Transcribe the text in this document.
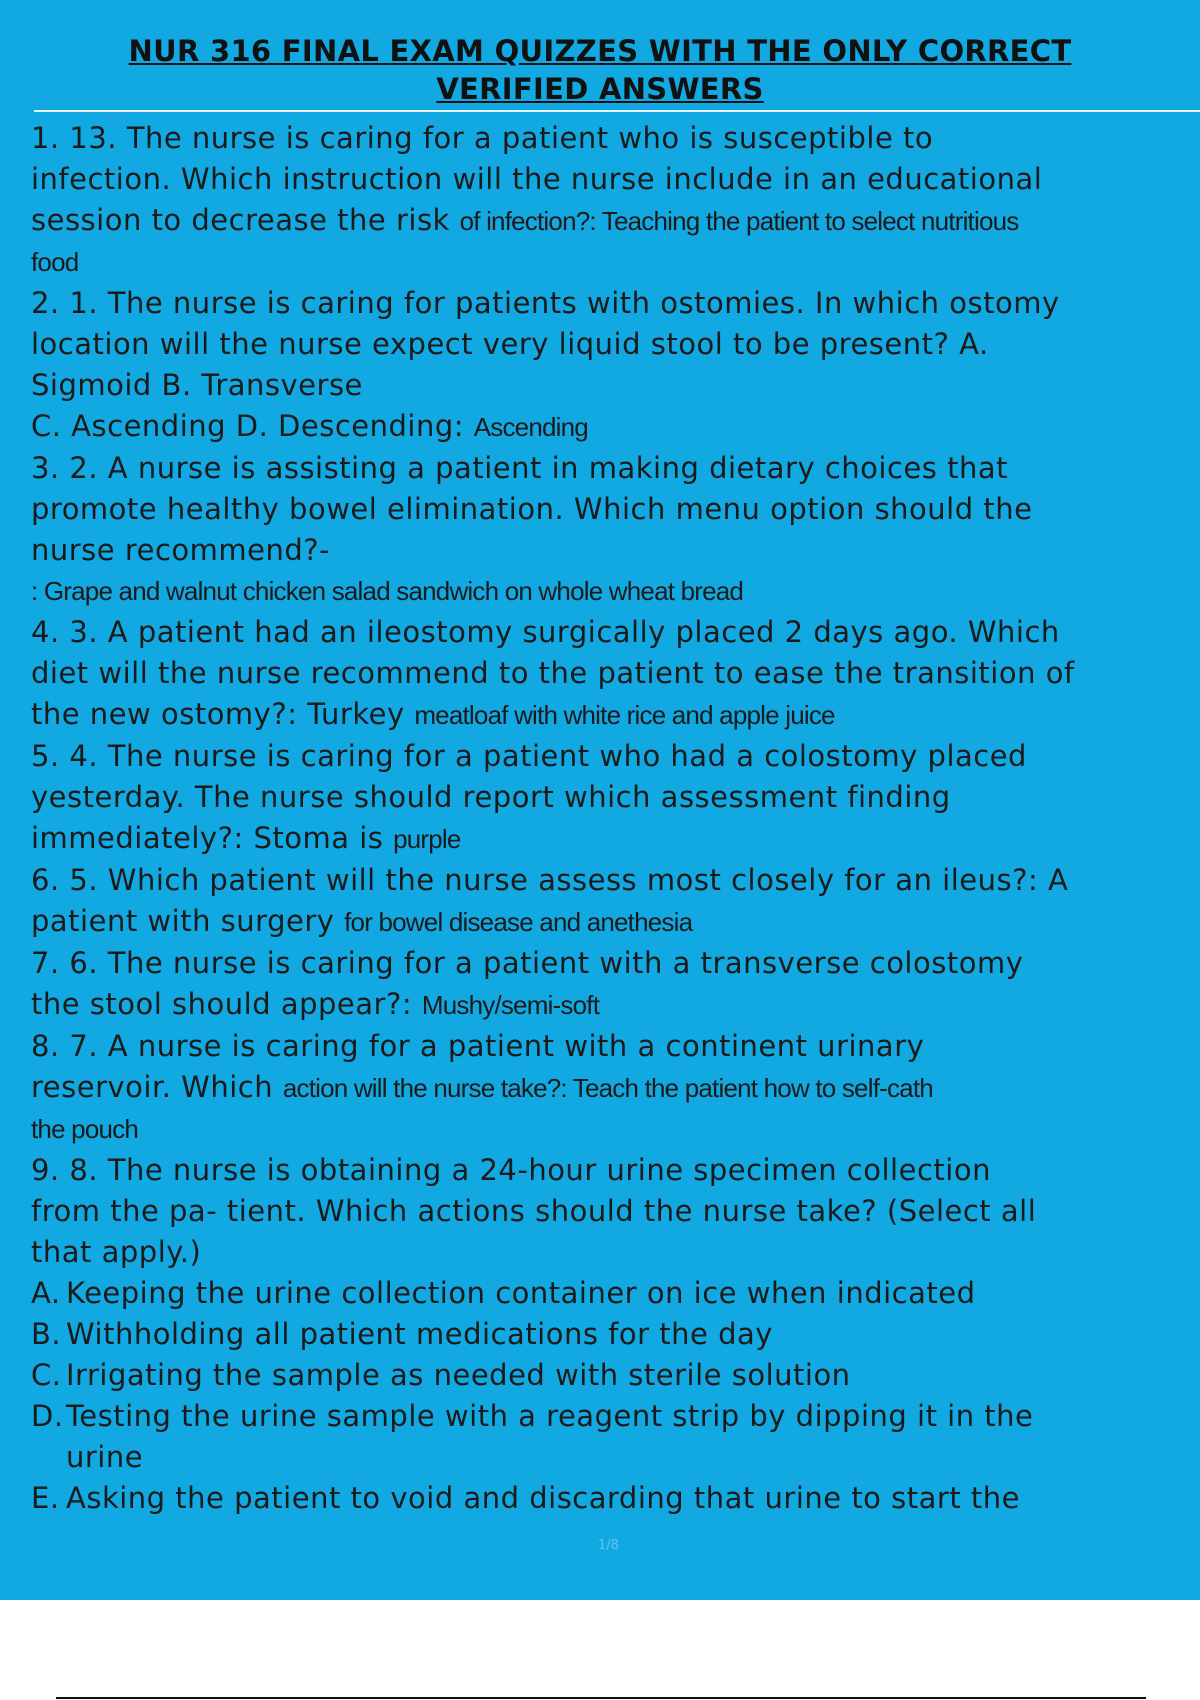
NUR 316 FINAL EXAM QUIZZES WITH THE ONLY CORRECT
VERIFIED ANSWERS
1. 13. The nurse is caring for a patient who is susceptible to
infection. Which instruction will the nurse include in an educational
session to decrease the risk of infection?: Teaching the patient to select nutritious
food
2. 1. The nurse is caring for patients with ostomies. In which ostomy
location will the nurse expect very liquid stool to be present? A.
Sigmoid B. Transverse
C. Ascending D. Descending: Ascending
3. 2. A nurse is assisting a patient in making dietary choices that
promote healthy bowel elimination. Which menu option should the
nurse recommend?-
: Grape and walnut chicken salad sandwich on whole wheat bread
4. 3. A patient had an ileostomy surgically placed 2 days ago. Which
diet will the nurse recommend to the patient to ease the transition of
the new ostomy?: Turkey meatloaf with white rice and apple juice
5. 4. The nurse is caring for a patient who had a colostomy placed
yesterday. The nurse should report which assessment finding
immediately?: Stoma is purple
6. 5. Which patient will the nurse assess most closely for an ileus?: A
patient with surgery for bowel disease and anethesia
7. 6. The nurse is caring for a patient with a transverse colostomy
the stool should appear?: Mushy/semi-soft
8. 7. A nurse is caring for a patient with a continent urinary
reservoir. Which action will the nurse take?: Teach the patient how to self-cath
the pouch
9. 8. The nurse is obtaining a 24-hour urine specimen collection
from the pa- tient. Which actions should the nurse take? (Select all
that apply.)
A. Keeping the urine collection container on ice when indicated
B. Withholding all patient medications for the day
C. Irrigating the sample as needed with sterile solution
D. Testing the urine sample with a reagent strip by dipping it in the
urine
E. Asking the patient to void and discarding that urine to start the
1/8
